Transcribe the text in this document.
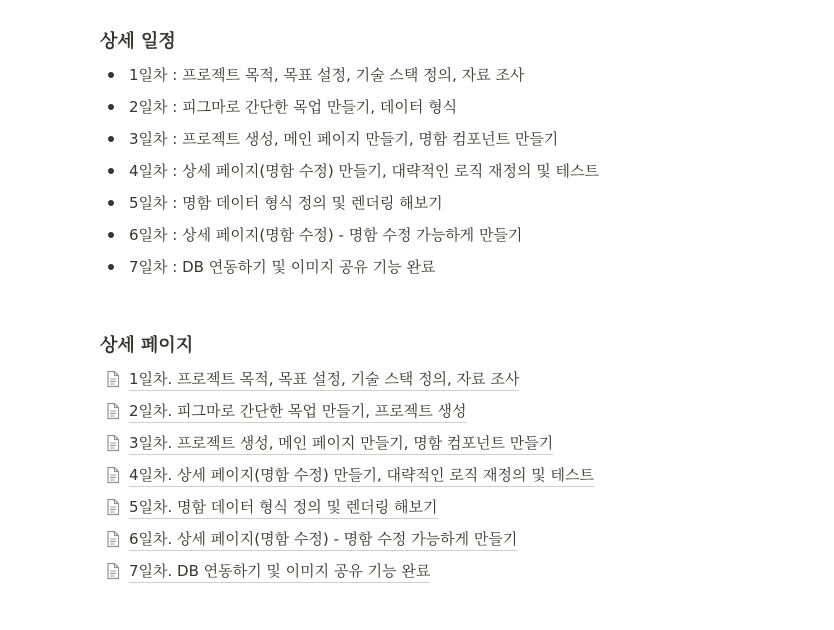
상세 일정
1일차 : 프로젝트 목적, 목표 설정, 기술 스택 정의, 자료 조사
2일차 : 피그마로 간단한 목업 만들기, 데이터 형식
3일차 : 프로젝트 생성, 메인 페이지 만들기, 명함 컴포넌트 만들기
4일차 : 상세 페이지(명함 수정) 만들기, 대략적인 로직 재정의 및 테스트
5일차 : 명함 데이터 형식 정의 및 렌더링 해보기
6일차 : 상세 페이지(명함 수정) - 명함 수정 가능하게 만들기
7일차 : DB 연동하기 및 이미지 공유 기능 완료
상세 페이지
1일차. 프로젝트 목적, 목표 설정, 기술 스택 정의, 자료 조사
2일차. 피그마로 간단한 목업 만들기, 프로젝트 생성
3일차. 프로젝트 생성, 메인 페이지 만들기, 명함 컴포넌트 만들기
4일차. 상세 페이지(명함 수정) 만들기, 대략적인 로직 재정의 및 테스트
5일차. 명함 데이터 형식 정의 및 렌더링 해보기
6일차. 상세 페이지(명함 수정) - 명함 수정 가능하게 만들기
7일차. DB 연동하기 및 이미지 공유 기능 완료
